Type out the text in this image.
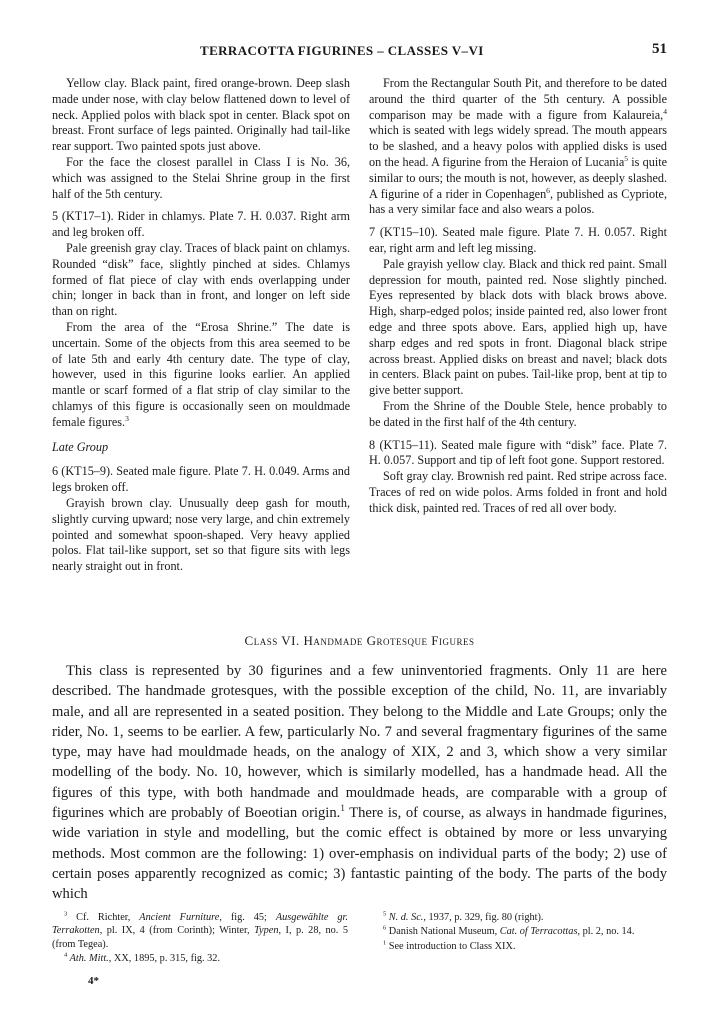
TERRACOTTA FIGURINES – CLASSES V–VI	51

Yellow clay. Black paint, fired orange-brown. Deep slash made under nose, with clay below flattened down to level of neck. Applied polos with black spot in center. Black spot on breast. Front surface of legs painted. Originally had tail-like rear support. Two painted spots just above.

For the face the closest parallel in Class I is No. 36, which was assigned to the Stelai Shrine group in the first half of the 5th century.

5 (KT17–1). Rider in chlamys. Plate 7. H. 0.037. Right arm and leg broken off.

Pale greenish gray clay. Traces of black paint on chlamys. Rounded “disk” face, slightly pinched at sides. Chlamys formed of flat piece of clay with ends overlapping under chin; longer in back than in front, and longer on left side than on right.

From the area of the “Erosa Shrine.” The date is uncertain. Some of the objects from this area seemed to be of late 5th and early 4th century date. The type of clay, however, used in this figurine looks earlier. An applied mantle or scarf formed of a flat strip of clay similar to the chlamys of this figure is occasionally seen on mouldmade female figures.$^3$

Late Group

6 (KT15–9). Seated male figure. Plate 7. H. 0.049. Arms and legs broken off.

Grayish brown clay. Unusually deep gash for mouth, slightly curving upward; nose very large, and chin extremely pointed and somewhat spoon-shaped. Very heavy applied polos. Flat tail-like support, set so that figure sits with legs nearly straight out in front.

From the Rectangular South Pit, and therefore to be dated around the third quarter of the 5th century. A possible comparison may be made with a figure from Kalaureia,$^4$ which is seated with legs widely spread. The mouth appears to be slashed, and a heavy polos with applied disks is used on the head. A figurine from the Heraion of Lucania$^5$ is quite similar to ours; the mouth is not, however, as deeply slashed. A figurine of a rider in Copenhagen$^6$, published as Cypriote, has a very similar face and also wears a polos.

7 (KT15–10). Seated male figure. Plate 7. H. 0.057. Right ear, right arm and left leg missing.

Pale grayish yellow clay. Black and thick red paint. Small depression for mouth, painted red. Nose slightly pinched. Eyes represented by black dots with black brows above. High, sharp-edged polos; inside painted red, also lower front edge and three spots above. Ears, applied high up, have sharp edges and red spots in front. Diagonal black stripe across breast. Applied disks on breast and navel; black dots in centers. Black paint on pubes. Tail-like prop, bent at tip to give better support.

From the Shrine of the Double Stele, hence probably to be dated in the first half of the 4th century.

8 (KT15–11). Seated male figure with “disk” face. Plate 7. H. 0.057. Support and tip of left foot gone. Support restored.

Soft gray clay. Brownish red paint. Red stripe across face. Traces of red on wide polos. Arms folded in front and hold thick disk, painted red. Traces of red all over body.

Class VI. Handmade Grotesque Figures

This class is represented by 30 figurines and a few uninventoried fragments. Only 11 are here described. The handmade grotesques, with the possible exception of the child, No. 11, are invariably male, and all are represented in a seated position. They belong to the Middle and Late Groups; only the rider, No. 1, seems to be earlier. A few, particularly No. 7 and several fragmentary figurines of the same type, may have had mouldmade heads, on the analogy of XIX, 2 and 3, which show a very similar modelling of the body. No. 10, however, which is similarly modelled, has a handmade head. All the figures of this type, with both handmade and mouldmade heads, are comparable with a group of figurines which are probably of Boeotian origin.$^1$ There is, of course, as always in handmade figurines, wide variation in style and modelling, but the comic effect is obtained by more or less unvarying methods. Most common are the following: 1) over-emphasis on individual parts of the body; 2) use of certain poses apparently recognized as comic; 3) fantastic painting of the body. The parts of the body which

$^3$ Cf. Richter, Ancient Furniture, fig. 45; Ausgewählte gr. Terrakotten, pl. IX, 4 (from Corinth); Winter, Typen, I, p. 28, no. 5 (from Tegea).

$^4$ Ath. Mitt., XX, 1895, p. 315, fig. 32.

$^5$ N. d. Sc., 1937, p. 329, fig. 80 (right).

$^6$ Danish National Museum, Cat. of Terracottas, pl. 2, no. 14.

$^1$ See introduction to Class XIX.

4*
